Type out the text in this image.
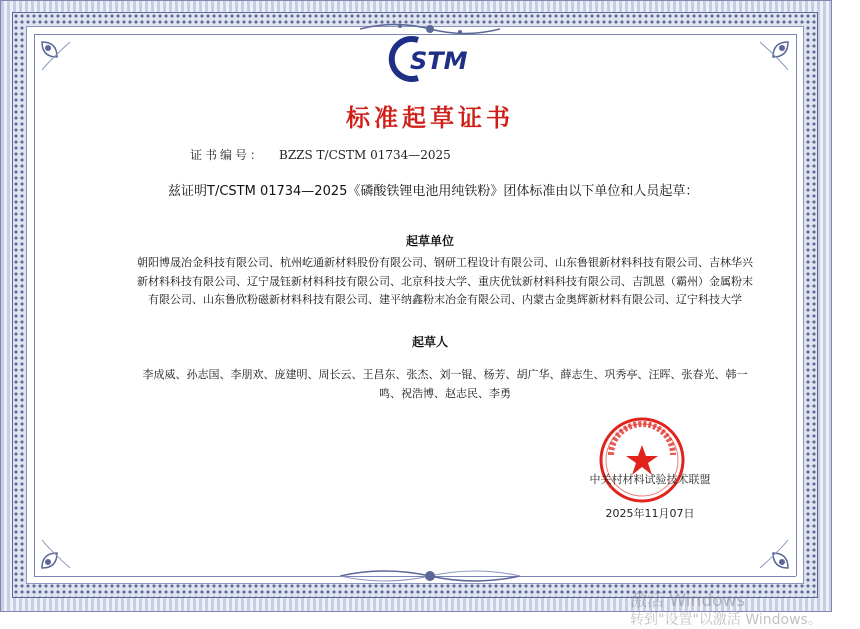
STM
标准起草证书
证书编号： BZZS T/CSTM 01734—2025
兹证明T/CSTM 01734—2025《磷酸铁锂电池用纯铁粉》团体标准由以下单位和人员起草：
起草单位
朝阳博晟冶金科技有限公司、杭州屹通新材料股份有限公司、钢研工程设计有限公司、山东鲁银新材料科技有限公司、吉林华兴新材料科技有限公司、辽宁晟钰新材料科技有限公司、北京科技大学、重庆优钛新材料科技有限公司、吉凯恩（霸州）金属粉末有限公司、山东鲁欣粉磁新材料科技有限公司、建平纳鑫粉末冶金有限公司、内蒙古金奥辉新材料有限公司、辽宁科技大学
起草人
李成威、孙志国、李朋欢、庞建明、周长云、王昌东、张杰、刘一锟、杨芳、胡广华、薛志生、巩秀亭、汪晖、张春光、韩一鸣、祝浩博、赵志民、李勇
中关村材料试验技术联盟
2025年11月07日
激活 Windows
转到"设置"以激活 Windows。
